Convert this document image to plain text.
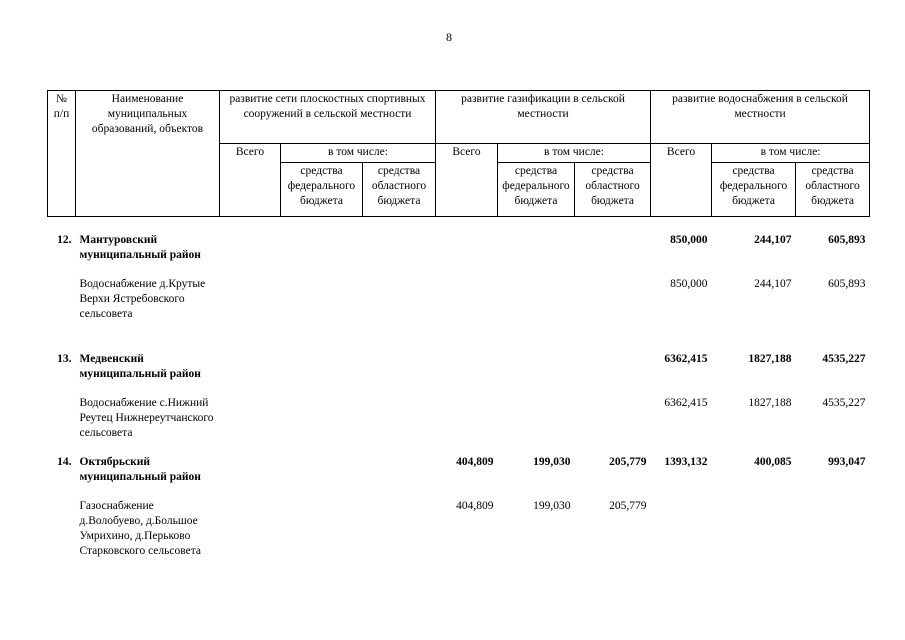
8
№ п/п	Наименование муниципальных образований, объектов	развитие сети плоскостных спортивных сооружений в сельской местности			развитие газификации в сельской местности			развитие водоснабжения в сельской местности		
		Всего	в том числе:		Всего	в том числе:		Всего	в том числе:	
			средства федерального бюджета	средства областного бюджета		средства федерального бюджета	средства областного бюджета		средства федерального бюджета	средства областного бюджета
12.	Мантуровский муниципальный район							850,000	244,107	605,893
	Водоснабжение д.Крутые Верхи Ястребовского сельсовета							850,000	244,107	605,893
13.	Медвенский муниципальный район							6362,415	1827,188	4535,227
	Водоснабжение с.Нижний Реутец Нижнереутчанского сельсовета							6362,415	1827,188	4535,227
14.	Октябрьский муниципальный район				404,809	199,030	205,779	1393,132	400,085	993,047
	Газоснабжение д.Волобуево, д.Большое Умрихино, д.Перьково Старковского сельсовета				404,809	199,030	205,779			
